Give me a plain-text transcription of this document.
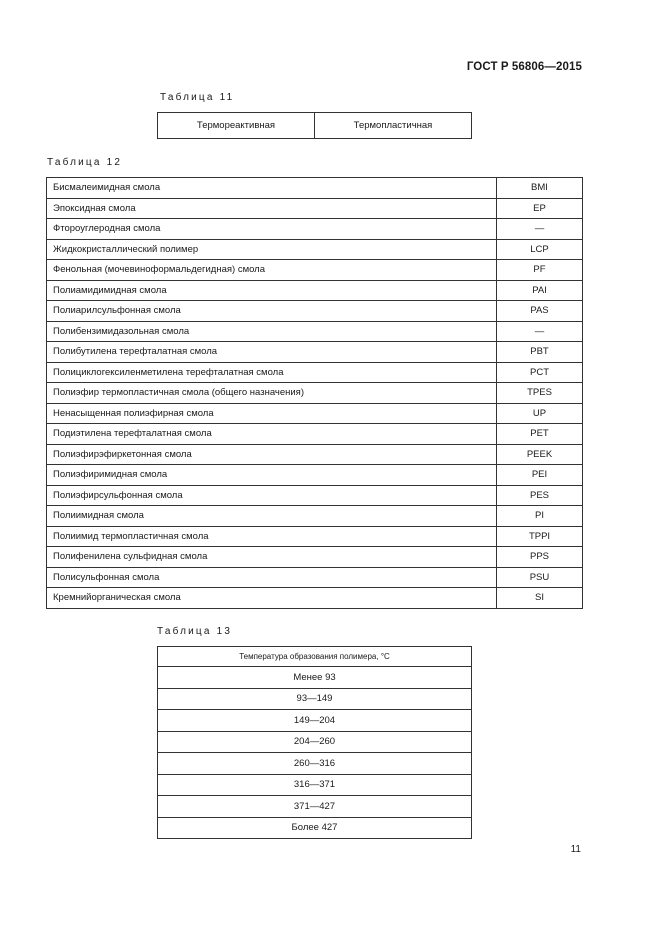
ГОСТ Р 56806—2015
Таблица 11
Термореактивная	Термопластичная
Таблица 12
Бисмалеимидная смола	BMI
Эпоксидная смола	EP
Фтороуглеродная смола	—
Жидкокристаллический полимер	LCP
Фенольная (мочевиноформальдегидная) смола	PF
Полиамидимидная смола	PAI
Полиарилсульфонная смола	PAS
Полибензимидазольная смола	—
Полибутилена терефталатная смола	PBT
Полициклогексиленметилена терефталатная смола	PCT
Полиэфир термопластичная смола (общего назначения)	TPES
Ненасыщенная полиэфирная смола	UP
Подиэтилена терефталатная смола	PET
Полиэфирэфиркетонная смола	PEEK
Полиэфиримидная смола	PEI
Полиэфирсульфонная смола	PES
Полиимидная смола	PI
Полиимид термопластичная смола	TPPI
Полифенилена сульфидная смола	PPS
Полисульфонная смола	PSU
Кремнийорганическая смола	SI
Таблица 13
Температура образования полимера, °С
Менее 93
93—149
149—204
204—260
260—316
316—371
371—427
Более 427
11
